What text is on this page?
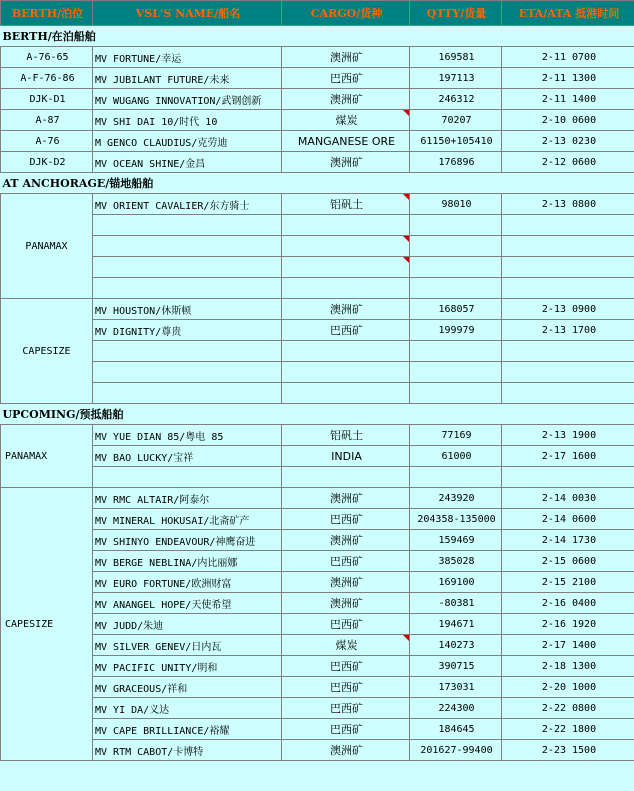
BERTH/泊位	VSL'S NAME/船名	CARGO/货种	QTTY/货量	ETA/ATA 抵港时间
BERTH/在泊船舶				
A-76-65	MV FORTUNE/幸运	澳洲矿	169581	2-11 0700
A-F-76-86	MV JUBILANT FUTURE/未来	巴西矿	197113	2-11 1300
DJK-D1	MV WUGANG INNOVATION/武钢创新	澳洲矿	246312	2-11 1400
A-87	MV SHI DAI 10/时代 10	煤炭	70207	2-10 0600
A-76	M GENCO CLAUDIUS/克劳迪	MANGANESE ORE	61150+105410	2-13 0230
DJK-D2	MV OCEAN SHINE/金昌	澳洲矿	176896	2-12 0600
AT ANCHORAGE/锚地船舶				
PANAMAX	MV ORIENT CAVALIER/东方骑士	铝矾土	98010	2-13 0800

CAPESIZE	MV HOUSTON/休斯顿	澳洲矿	168057	2-13 0900
	MV DIGNITY/尊贵	巴西矿	199979	2-13 1700

UPCOMING/预抵船舶				
PANAMAX	MV YUE DIAN 85/粤电 85	铝矾土	77169	2-13 1900
	MV BAO LUCKY/宝祥	INDIA	61000	2-17 1600

CAPESIZE	MV RMC ALTAIR/阿泰尔	澳洲矿	243920	2-14 0030
	MV MINERAL HOKUSAI/北斋矿产	巴西矿	204358-135000	2-14 0600
	MV SHINYO ENDEAVOUR/神鹰奋进	澳洲矿	159469	2-14 1730
	MV BERGE NEBLINA/内比丽娜	巴西矿	385028	2-15 0600
	MV EURO FORTUNE/欧洲财富	澳洲矿	169100	2-15 2100
	MV ANANGEL HOPE/天使希望	澳洲矿	-80381	2-16 0400
	MV JUDD/朱迪	巴西矿	194671	2-16 1920
	MV SILVER GENEV/日内瓦	煤炭	140273	2-17 1400
	MV PACIFIC UNITY/明和	巴西矿	390715	2-18 1300
	MV GRACEOUS/祥和	巴西矿	173031	2-20 1000
	MV YI DA/义达	巴西矿	224300	2-22 0800
	MV CAPE BRILLIANCE/裕耀	巴西矿	184645	2-22 1800
	MV RTM CABOT/卡博特	澳洲矿	201627-99400	2-23 1500
